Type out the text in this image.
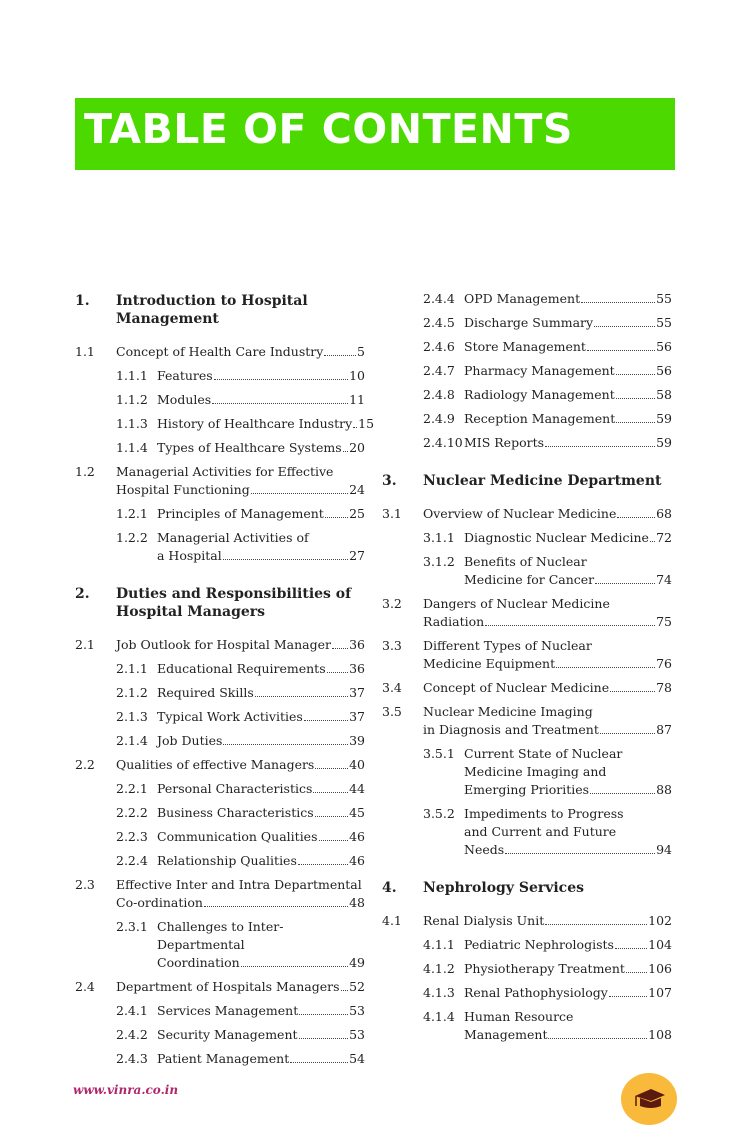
TABLE OF CONTENTS
1.	Introduction to Hospital
Management
1.1	Concept of Health Care Industry	5
1.1.1 Features	10
1.1.2 Modules	11
1.1.3 History of Healthcare Industry 15
1.1.4 Types of Healthcare Systems 20
1.2	Managerial Activities for Effective
Hospital Functioning	24
1.2.1 Principles of Management 25
1.2.2 Managerial Activities of
a Hospital	27
2.	Duties and Responsibilities of
Hospital Managers
2.1	Job Outlook for Hospital Manager 36
2.1.1 Educational Requirements 36
2.1.2 Required Skills	37
2.1.3 Typical Work Activities	37
2.1.4 Job Duties	39
2.2	Qualities of effective Managers	40
2.2.1 Personal Characteristics	44
2.2.2 Business Characteristics	45
2.2.3 Communication Qualities	46
2.2.4 Relationship Qualities	46
2.3	Effective Inter and Intra Departmental
Co-ordination	48
2.3.1 Challenges to Inter-Departmental
Coordination	49
2.4	Department of Hospitals Managers 52
2.4.1 Services Management	53
2.4.2 Security Management	53
2.4.3 Patient Management	54
2.4.4 OPD Management	55
2.4.5 Discharge Summary	55
2.4.6 Store Management	56
2.4.7 Pharmacy Management	56
2.4.8 Radiology Management	58
2.4.9 Reception Management	59
2.4.10 MIS Reports	59
3.	Nuclear Medicine Department
3.1	Overview of Nuclear Medicine	68
3.1.1 Diagnostic Nuclear Medicine 72
3.1.2 Benefits of Nuclear
Medicine for Cancer	74
3.2	Dangers of Nuclear Medicine
Radiation	75
3.3	Different Types of Nuclear
Medicine Equipment	76
3.4	Concept of Nuclear Medicine	78
3.5	Nuclear Medicine Imaging
in Diagnosis and Treatment	87
3.5.1 Current State of Nuclear
Medicine Imaging and
Emerging Priorities	88
3.5.2 Impediments to Progress
and Current and Future
Needs	94
4.	Nephrology Services
4.1	Renal Dialysis Unit	102
4.1.1 Pediatric Nephrologists	104
4.1.2 Physiotherapy Treatment 106
4.1.3 Renal Pathophysiology	107
4.1.4 Human Resource
Management	108
www.vinra.co.in
